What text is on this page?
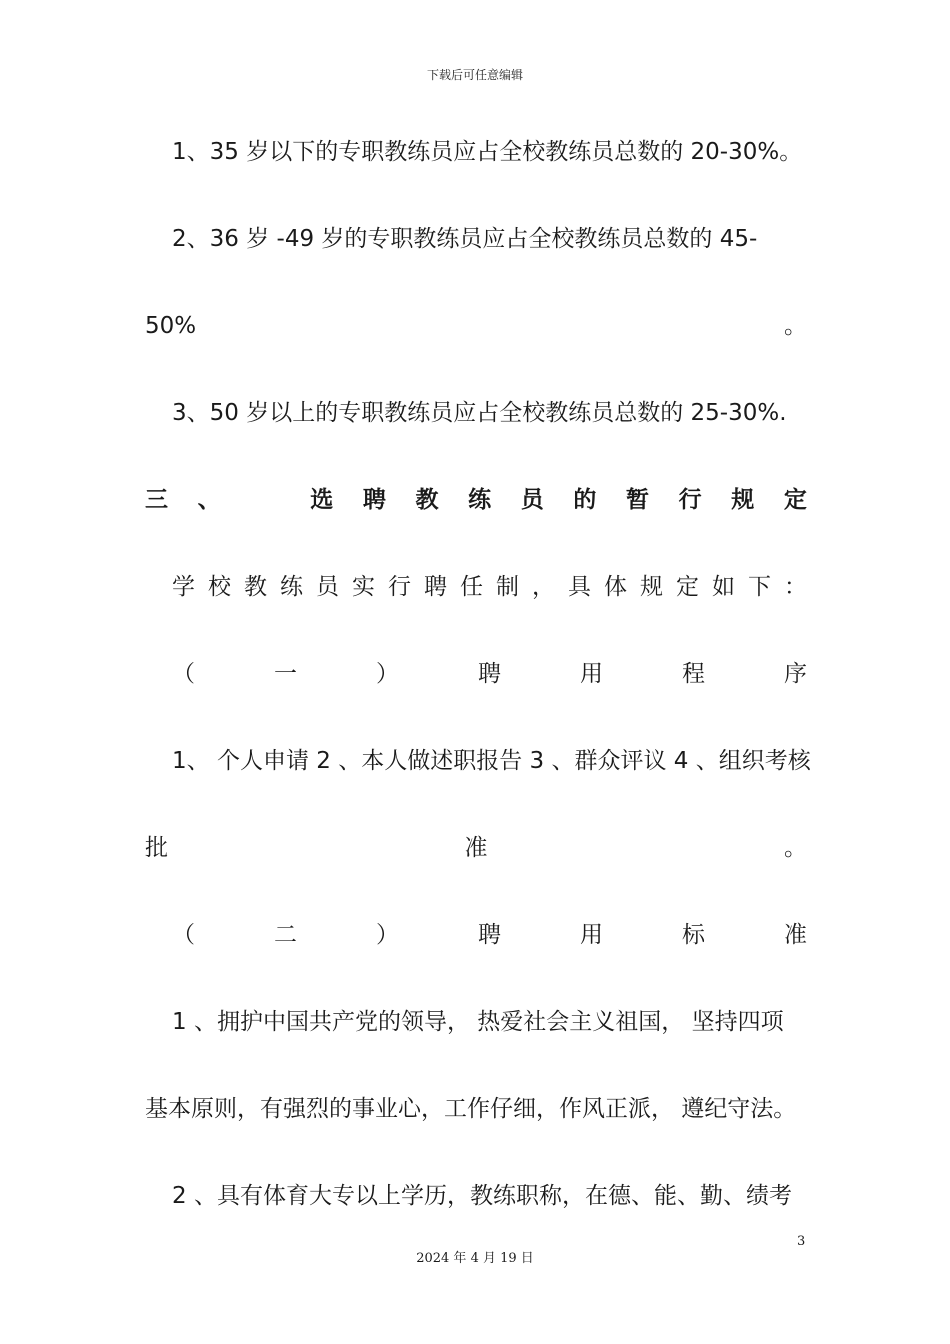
下载后可任意编辑
1、35 岁以下的专职教练员应占全校教练员总数的 20-30%。
2、36 岁 -49 岁的专职教练员应占全校教练员总数的 45-
50%	。
3、50 岁以上的专职教练员应占全校教练员总数的 25-30%.
三 、	选 聘 教 练 员 的 暂 行 规 定
学 校 教 练 员 实 行 聘 任 制 ， 具 体 规 定 如 下 ：
（	一	）	聘	用	程	序
1、 个人申请 2 、本人做述职报告 3 、群众评议 4 、组织考核
批	准	。
（	二	）	聘	用	标	准
1 、拥护中国共产党的领导， 热爱社会主义祖国， 坚持四项
基本原则，有强烈的事业心，工作仔细，作风正派， 遵纪守法。
2 、具有体育大专以上学历，教练职称，在德、能、勤、绩考
3
2024 年 4 月 19 日
